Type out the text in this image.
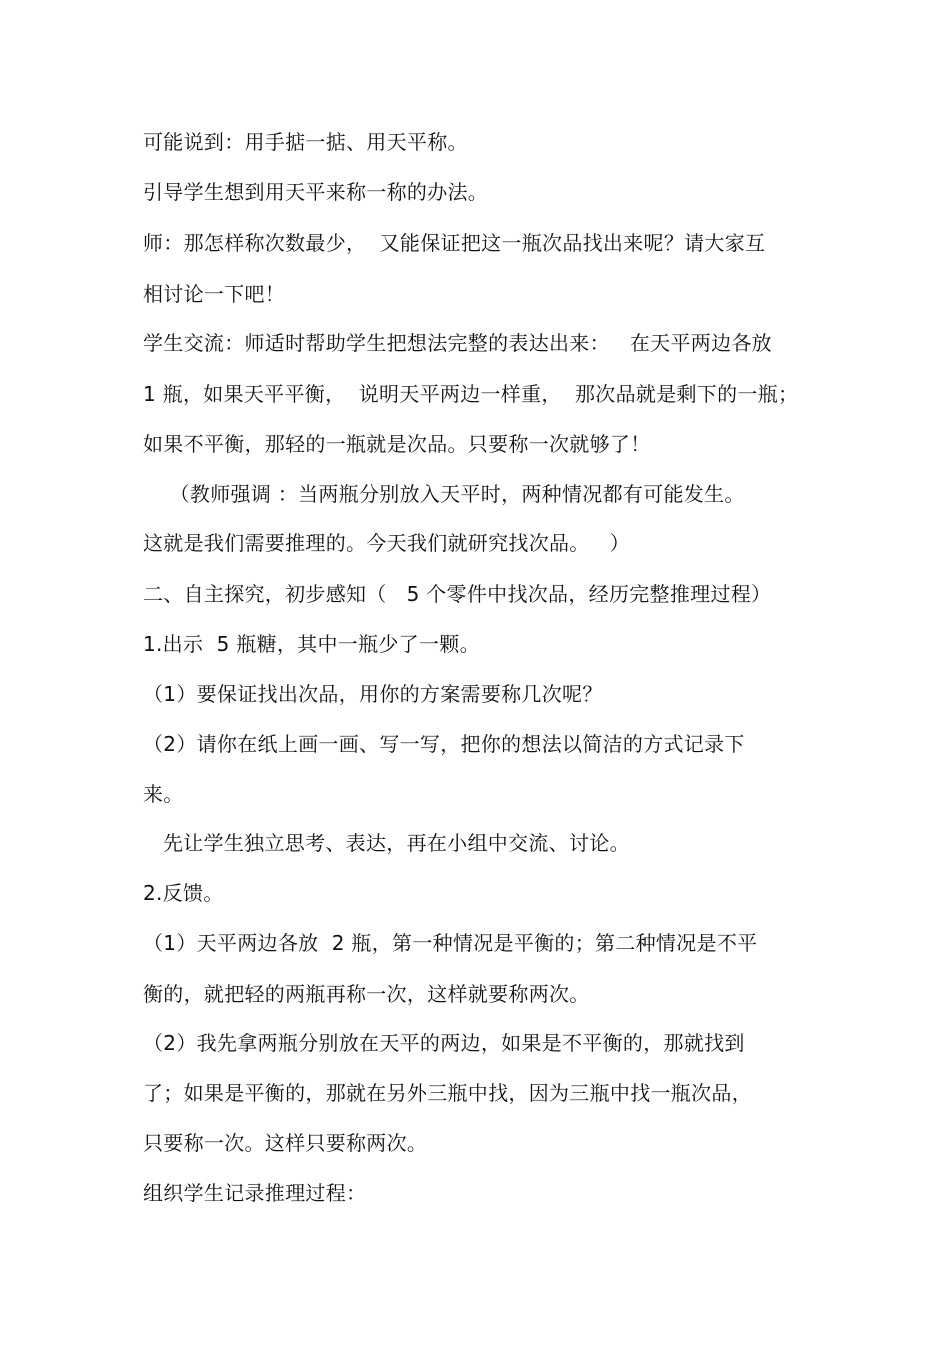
可能说到：用手掂一掂、用天平称。
引导学生想到用天平来称一称的办法。
师：那怎样称次数最少，  又能保证把这一瓶次品找出来呢？请大家互
相讨论一下吧！
学生交流：师适时帮助学生把想法完整的表达出来：   在天平两边各放
1 瓶，如果天平平衡，  说明天平两边一样重，  那次品就是剩下的一瓶；
如果不平衡，那轻的一瓶就是次品。只要称一次就够了！
（教师强调 ：当两瓶分别放入天平时，两种情况都有可能发生。
这就是我们需要推理的。今天我们就研究找次品。   ）
二、自主探究，初步感知（   5 个零件中找次品，经历完整推理过程）
1.出示  5 瓶糖，其中一瓶少了一颗。
（1）要保证找出次品，用你的方案需要称几次呢？
（2）请你在纸上画一画、写一写，把你的想法以简洁的方式记录下
来。
先让学生独立思考、表达，再在小组中交流、讨论。
2.反馈。
（1）天平两边各放  2 瓶，第一种情况是平衡的；第二种情况是不平
衡的，就把轻的两瓶再称一次，这样就要称两次。
（2）我先拿两瓶分别放在天平的两边，如果是不平衡的，那就找到
了；如果是平衡的，那就在另外三瓶中找，因为三瓶中找一瓶次品，
只要称一次。这样只要称两次。
组织学生记录推理过程：
